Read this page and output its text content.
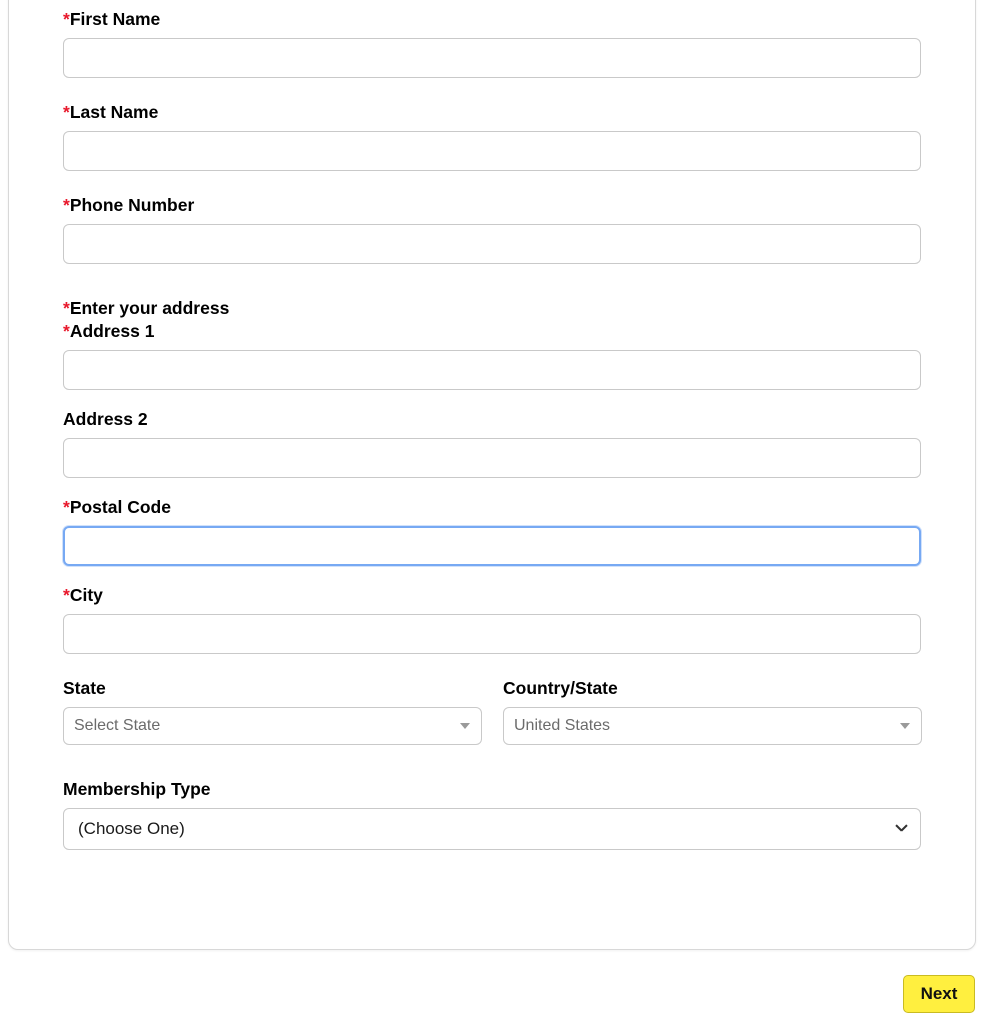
*First Name
*Last Name
*Phone Number
*Enter your address
*Address 1
Address 2
*Postal Code
*City
State
Select State
Country/State
United States
Membership Type
(Choose One)
Next
